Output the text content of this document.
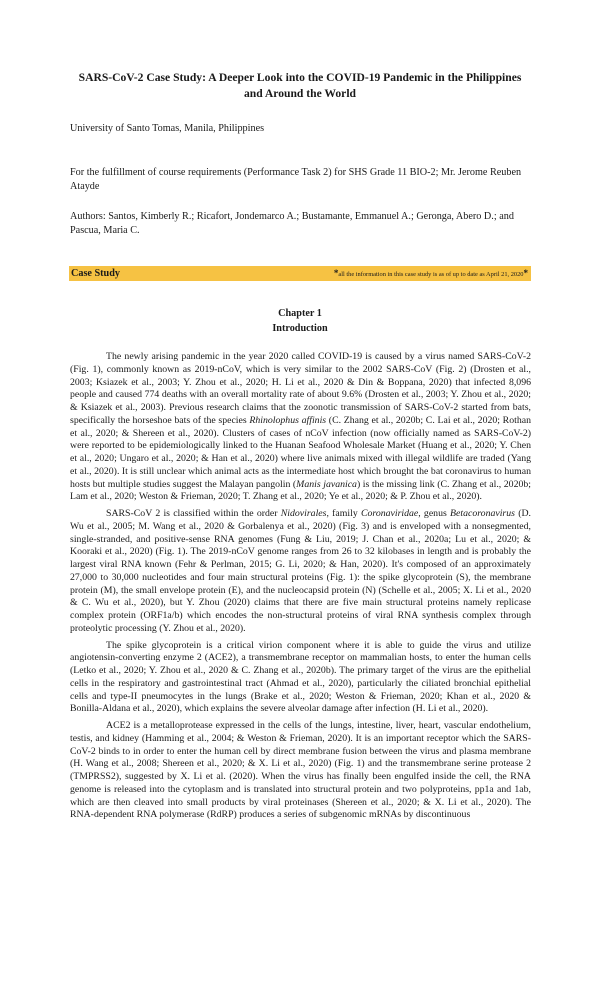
SARS-CoV-2 Case Study: A Deeper Look into the COVID-19 Pandemic in the Philippines and Around the World
University of Santo Tomas, Manila, Philippines
For the fulfillment of course requirements (Performance Task 2) for SHS Grade 11 BIO-2; Mr. Jerome Reuben Atayde
Authors: Santos, Kimberly R.; Ricafort, Jondemarco A.; Bustamante, Emmanuel A.; Geronga, Abero D.; and Pascua, Maria C.
Case Study	*all the information in this case study is as of up to date as April 21, 2020*
Chapter 1
Introduction

The newly arising pandemic in the year 2020 called COVID-19 is caused by a virus named SARS-CoV-2 (Fig. 1), commonly known as 2019-nCoV, which is very similar to the 2002 SARS-CoV (Fig. 2) (Drosten et al., 2003; Ksiazek et al., 2003; Y. Zhou et al., 2020; H. Li et al., 2020 & Din & Boppana, 2020) that infected 8,096 people and caused 774 deaths with an overall mortality rate of about 9.6% (Drosten et al., 2003; Y. Zhou et al., 2020; & Ksiazek et al., 2003). Previous research claims that the zoonotic transmission of SARS-CoV-2 started from bats, specifically the horseshoe bats of the species Rhinolophus affinis (C. Zhang et al., 2020b; C. Lai et al., 2020; Rothan et al., 2020; & Shereen et al., 2020). Clusters of cases of nCoV infection (now officially named as SARS-CoV-2) were reported to be epidemiologically linked to the Huanan Seafood Wholesale Market (Huang et al., 2020; Y. Chen et al., 2020; Ungaro et al., 2020; & Han et al., 2020) where live animals mixed with illegal wildlife are traded (Yang et al., 2020). It is still unclear which animal acts as the intermediate host which brought the bat coronavirus to human hosts but multiple studies suggest the Malayan pangolin (Manis javanica) is the missing link (C. Zhang et al., 2020b; Lam et al., 2020; Weston & Frieman, 2020; T. Zhang et al., 2020; Ye et al., 2020; & P. Zhou et al., 2020).

SARS-CoV 2 is classified within the order Nidovirales, family Coronaviridae, genus Betacoronavirus (D. Wu et al., 2005; M. Wang et al., 2020 & Gorbalenya et al., 2020) (Fig. 3) and is enveloped with a nonsegmented, single-stranded, and positive-sense RNA genomes (Fung & Liu, 2019; J. Chan et al., 2020a; Lu et al., 2020; & Kooraki et al., 2020) (Fig. 1). The 2019-nCoV genome ranges from 26 to 32 kilobases in length and is probably the largest viral RNA known (Fehr & Perlman, 2015; G. Li, 2020; & Han, 2020). It's composed of an approximately 27,000 to 30,000 nucleotides and four main structural proteins (Fig. 1): the spike glycoprotein (S), the membrane protein (M), the small envelope protein (E), and the nucleocapsid protein (N) (Schelle et al., 2005; X. Li et al., 2020 & C. Wu et al., 2020), but Y. Zhou (2020) claims that there are five main structural proteins namely replicase complex protein (ORF1a/b) which encodes the non-structural proteins of viral RNA synthesis complex through proteolytic processing (Y. Zhou et al., 2020).

The spike glycoprotein is a critical virion component where it is able to guide the virus and utilize angiotensin-converting enzyme 2 (ACE2), a transmembrane receptor on mammalian hosts, to enter the human cells (Letko et al., 2020; Y. Zhou et al., 2020 & C. Zhang et al., 2020b). The primary target of the virus are the epithelial cells in the respiratory and gastrointestinal tract (Ahmad et al., 2020), particularly the ciliated bronchial epithelial cells and type-II pneumocytes in the lungs (Brake et al., 2020; Weston & Frieman, 2020; Khan et al., 2020 & Bonilla-Aldana et al., 2020), which explains the severe alveolar damage after infection (H. Li et al., 2020).

ACE2 is a metalloprotease expressed in the cells of the lungs, intestine, liver, heart, vascular endothelium, testis, and kidney (Hamming et al., 2004; & Weston & Frieman, 2020). It is an important receptor which the SARS-CoV-2 binds to in order to enter the human cell by direct membrane fusion between the virus and plasma membrane (H. Wang et al., 2008; Shereen et al., 2020; & X. Li et al., 2020) (Fig. 1) and the transmembrane serine protease 2 (TMPRSS2), suggested by X. Li et al. (2020). When the virus has finally been engulfed inside the cell, the RNA genome is released into the cytoplasm and is translated into structural protein and two polyproteins, pp1a and 1ab, which are then cleaved into small products by viral proteinases (Shereen et al., 2020; & X. Li et al., 2020). The RNA-dependent RNA polymerase (RdRP) produces a series of subgenomic mRNAs by discontinuous
